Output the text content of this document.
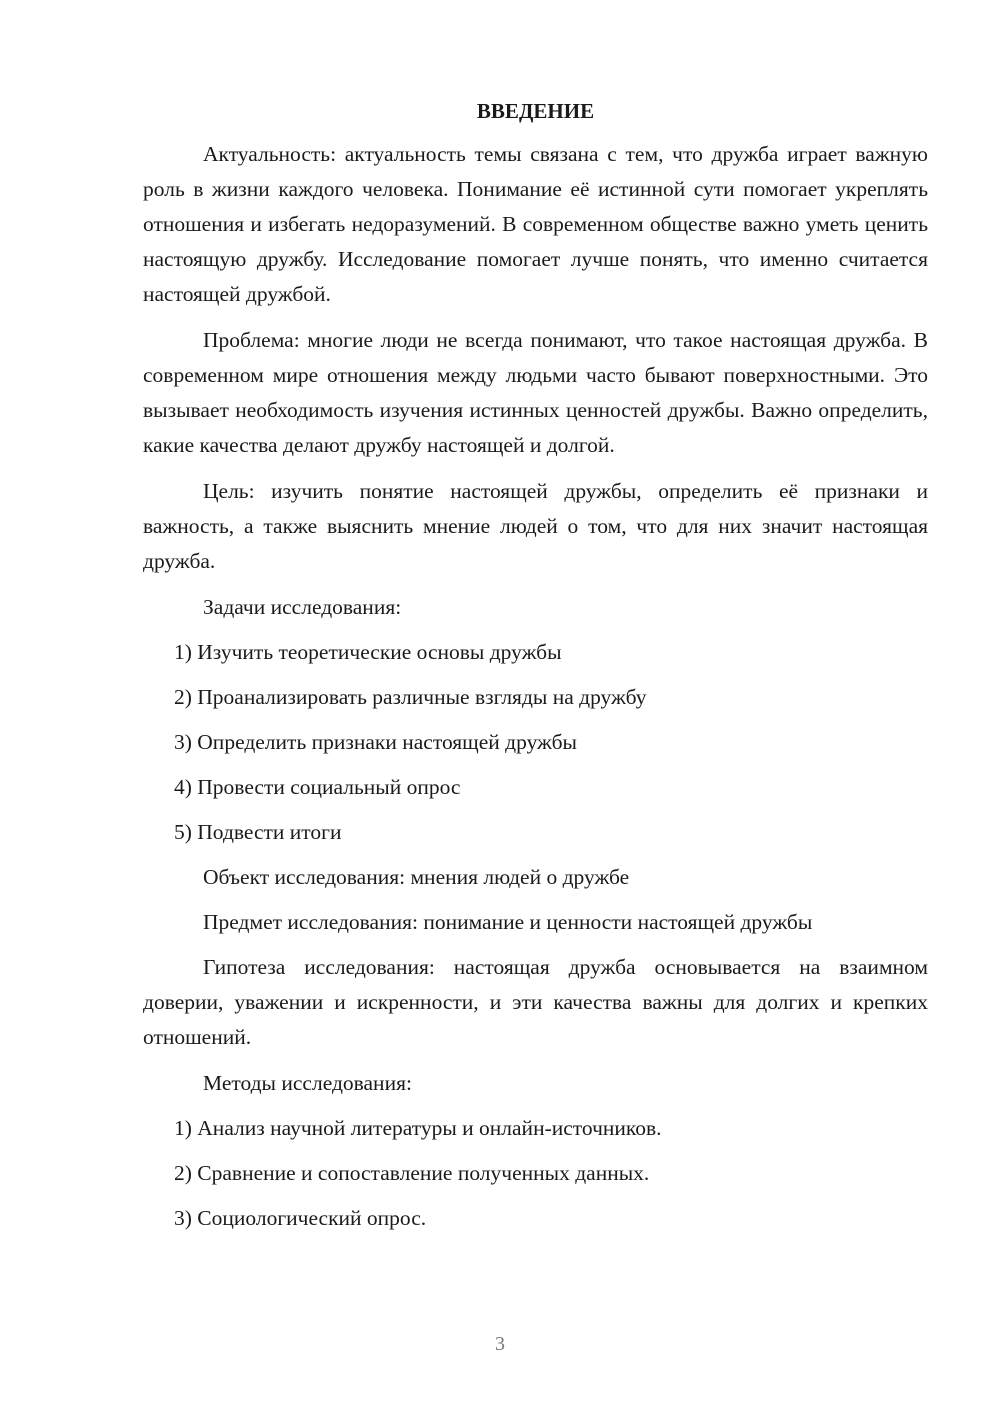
ВВЕДЕНИЕ

Актуальность: актуальность темы связана с тем, что дружба играет важную роль в жизни каждого человека. Понимание её истинной сути помогает укреплять отношения и избегать недоразумений. В современном обществе важно уметь ценить настоящую дружбу. Исследование помогает лучше понять, что именно считается настоящей дружбой.

Проблема: многие люди не всегда понимают, что такое настоящая дружба. В современном мире отношения между людьми часто бывают поверхностными. Это вызывает необходимость изучения истинных ценностей дружбы. Важно определить, какие качества делают дружбу настоящей и долгой.

Цель: изучить понятие настоящей дружбы, определить её признаки и важность, а также выяснить мнение людей о том, что для них значит настоящая дружба.

Задачи исследования:

1) Изучить теоретические основы дружбы

2) Проанализировать различные взгляды на дружбу

3) Определить признаки настоящей дружбы

4) Провести социальный опрос

5) Подвести итоги

Объект исследования: мнения людей о дружбе

Предмет исследования: понимание и ценности настоящей дружбы

Гипотеза исследования: настоящая дружба основывается на взаимном доверии, уважении и искренности, и эти качества важны для долгих и крепких отношений.

Методы исследования:

1) Анализ научной литературы и онлайн-источников.

2) Сравнение и сопоставление полученных данных.

3) Социологический опрос.

3
